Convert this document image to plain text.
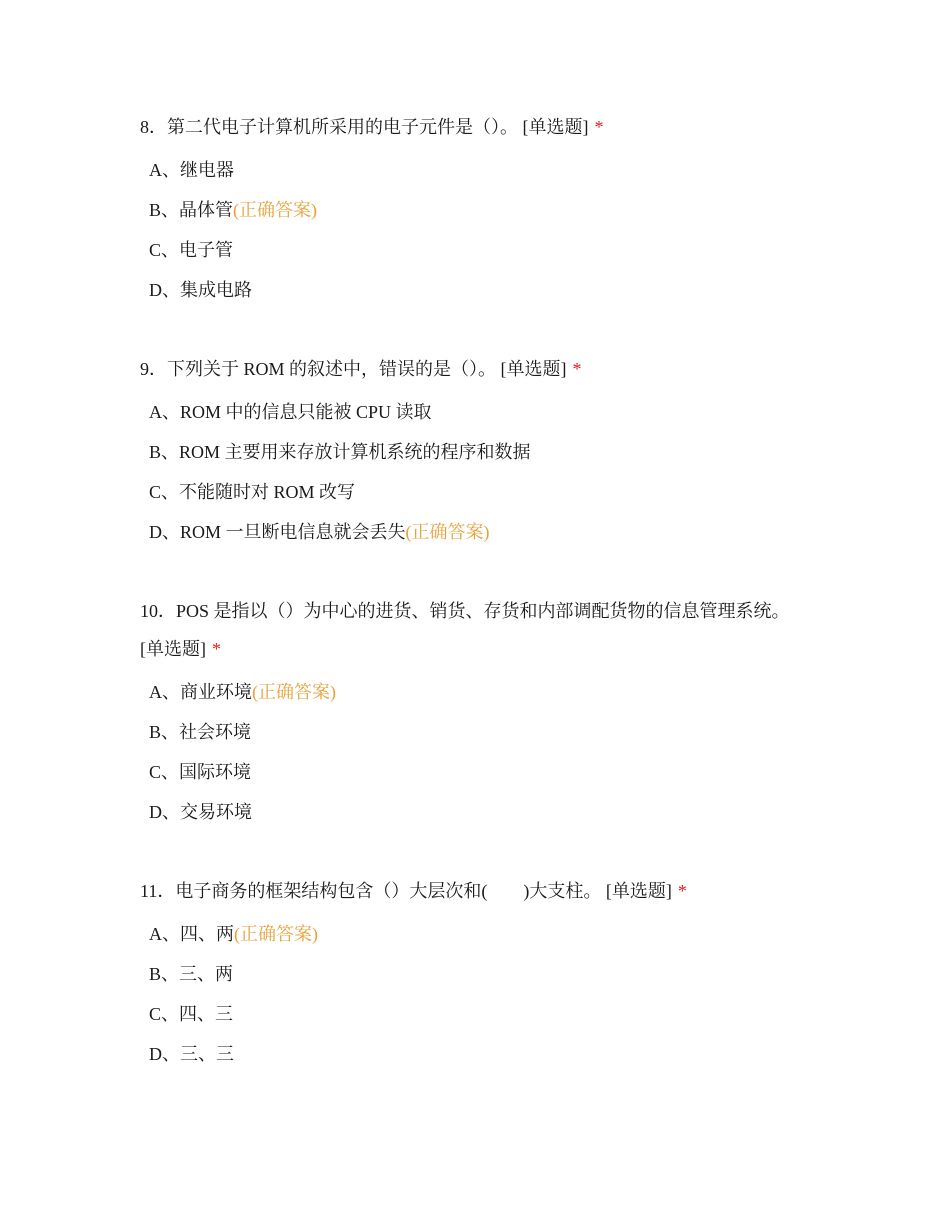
8．第二代电子计算机所采用的电子元件是（）。 [单选题] *
A、继电器
B、晶体管(正确答案)
C、电子管
D、集成电路
9．下列关于 ROM 的叙述中，错误的是（）。 [单选题] *
A、ROM 中的信息只能被 CPU 读取
B、ROM 主要用来存放计算机系统的程序和数据
C、不能随时对 ROM 改写
D、ROM 一旦断电信息就会丢失(正确答案)
10．POS 是指以（）为中心的进货、销货、存货和内部调配货物的信息管理系统。 [单选题] *
A、商业环境(正确答案)
B、社会环境
C、国际环境
D、交易环境
11．电子商务的框架结构包含（）大层次和(　　)大支柱。 [单选题] *
A、四、两(正确答案)
B、三、两
C、四、三
D、三、三
